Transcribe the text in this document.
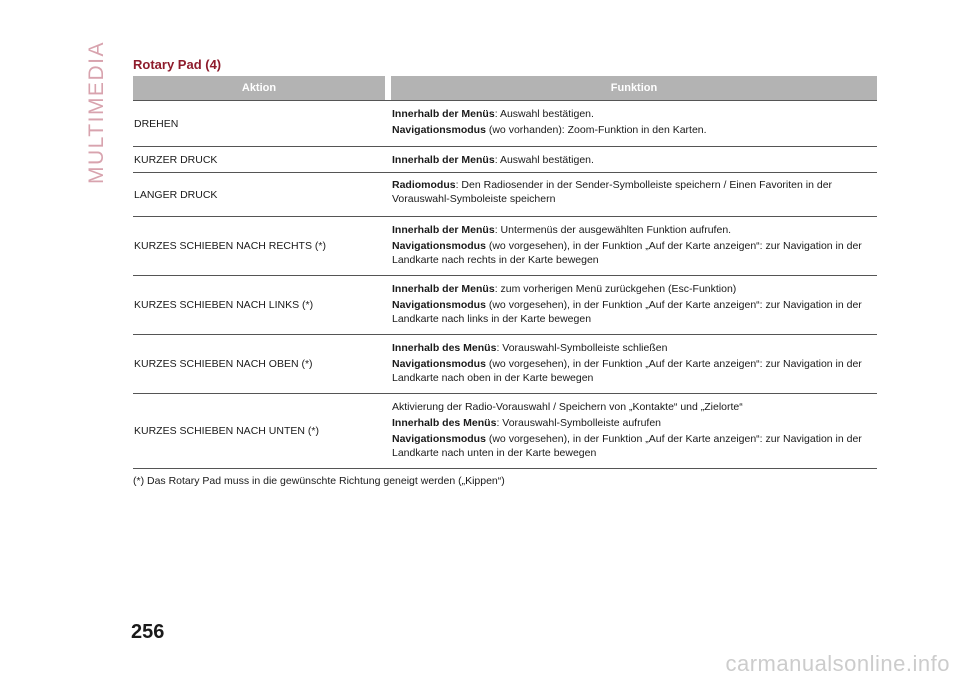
MULTIMEDIA Rotary Pad (4)
Aktion	Funktion
DREHEN

Innerhalb der Menüs: Auswahl bestätigen.

Navigationsmodus (wo vorhanden): Zoom-Funktion in den Karten.

KURZER DRUCK	Innerhalb der Menüs: Auswahl bestätigen.

LANGER DRUCK

Radiomodus: Den Radiosender in der Sender-Symbolleiste speichern / Einen Favoriten in der Vorauswahl-Symboleiste speichern

KURZES SCHIEBEN NACH RECHTS (*)

Innerhalb der Menüs: Untermenüs der ausgewählten Funktion aufrufen.

Navigationsmodus (wo vorgesehen), in der Funktion „Auf der Karte anzeigen“: zur Navigation in der Landkarte nach rechts in der Karte bewegen

KURZES SCHIEBEN NACH LINKS (*)

Innerhalb der Menüs: zum vorherigen Menü zurückgehen (Esc-Funktion)

Navigationsmodus (wo vorgesehen), in der Funktion „Auf der Karte anzeigen“: zur Navigation in der Landkarte nach links in der Karte bewegen

KURZES SCHIEBEN NACH OBEN (*)

Innerhalb des Menüs: Vorauswahl-Symbolleiste schließen

Navigationsmodus (wo vorgesehen), in der Funktion „Auf der Karte anzeigen“: zur Navigation in der Landkarte nach oben in der Karte bewegen

KURZES SCHIEBEN NACH UNTEN (*)

Aktivierung der Radio-Vorauswahl / Speichern von „Kontakte“ und „Zielorte“

Innerhalb des Menüs: Vorauswahl-Symbolleiste aufrufen

Navigationsmodus (wo vorgesehen), in der Funktion „Auf der Karte anzeigen“: zur Navigation in der Landkarte nach unten in der Karte bewegen

(*) Das Rotary Pad muss in die gewünschte Richtung geneigt werden („Kippen“)
256
carmanualsonline.info
